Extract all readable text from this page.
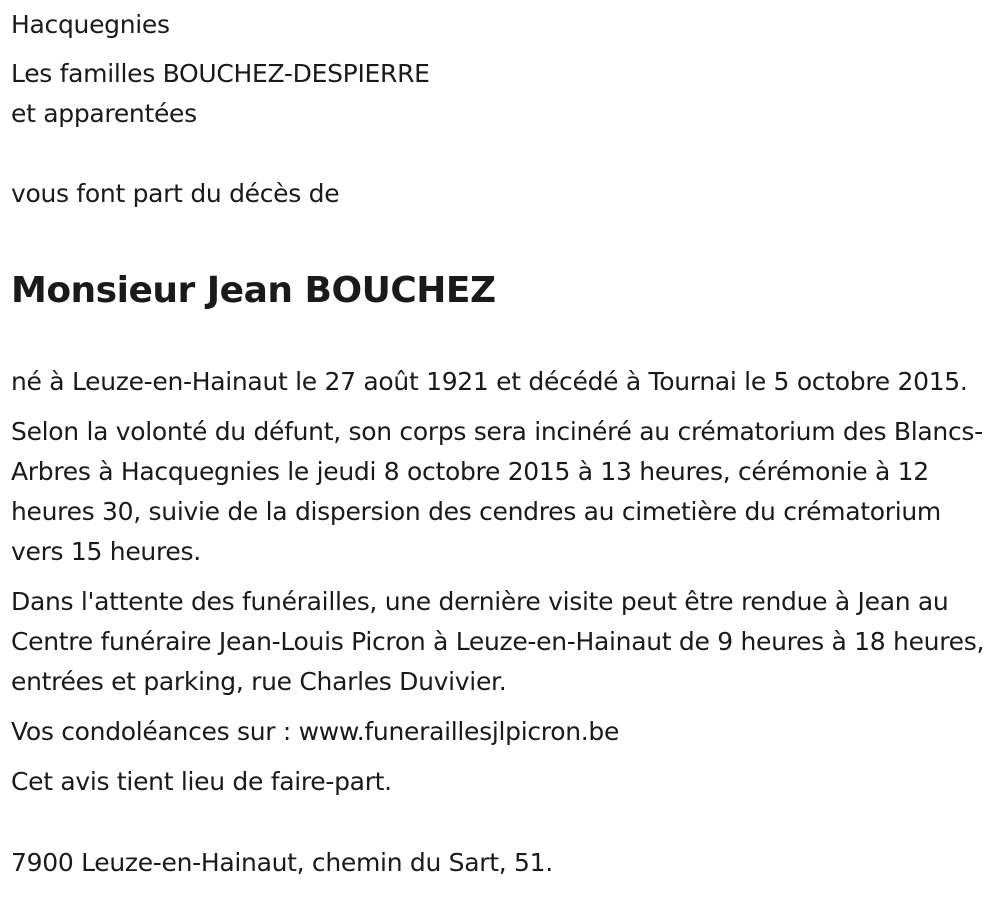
Hacquegnies

Les familles BOUCHEZ-DESPIERRE

et apparentées

vous font part du décès de

Monsieur Jean BOUCHEZ

né à Leuze-en-Hainaut le 27 août 1921 et décédé à Tournai le 5 octobre 2015.

Selon la volonté du défunt, son corps sera incinéré au crématorium des Blancs-Arbres à Hacquegnies le jeudi 8 octobre 2015 à 13 heures, cérémonie à 12 heures 30, suivie de la dispersion des cendres au cimetière du crématorium vers 15 heures.

Dans l'attente des funérailles, une dernière visite peut être rendue à Jean au Centre funéraire Jean-Louis Picron à Leuze-en-Hainaut de 9 heures à 18 heures, entrées et parking, rue Charles Duvivier.

Vos condoléances sur : www.funeraillesjlpicron.be

Cet avis tient lieu de faire-part.

7900 Leuze-en-Hainaut, chemin du Sart, 51.
